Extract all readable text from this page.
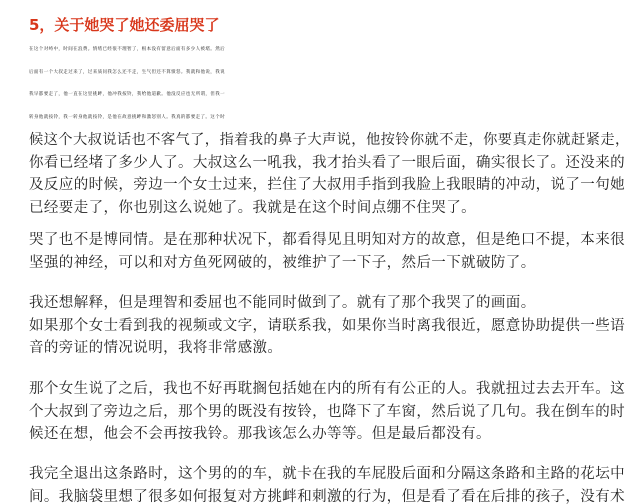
5，关于她哭了她还委屈哭了
在这个对峙中，时间在浪费。情绪已经很不理智了，根本没有留意后面有多少人被堵。然后
后面有一个大叔走过来了，过来质问我怎么还不走，生气但还不算愤怒。我就和他说，我说
我早都要走了，他一直在这里挑衅，他冲我按铃，我给他道歉。他没反应也无所谓，但我一
转身他就按铃，我一转身他就按铃，是他在故意挑衅和激怒别人。我真的都要走了。这个时
候这个大叔说话也不客气了，指着我的鼻子大声说，他按铃你就不走，你要真走你就赶紧走，
你看已经堵了多少人了。大叔这么一吼我，我才抬头看了一眼后面，确实很长了。还没来的
及反应的时候，旁边一个女士过来，拦住了大叔用手指到我脸上我眼睛的冲动，说了一句她
已经要走了，你也别这么说她了。我就是在这个时间点绷不住哭了。
哭了也不是博同情。是在那种状况下，都看得见且明知对方的故意，但是绝口不提，本来很
坚强的神经，可以和对方鱼死网破的，被维护了一下子，然后一下就破防了。
我还想解释，但是理智和委屈也不能同时做到了。就有了那个我哭了的画面。
如果那个女士看到我的视频或文字，请联系我，如果你当时离我很近，愿意协助提供一些语
音的旁证的情况说明，我将非常感激。
那个女生说了之后，我也不好再耽搁包括她在内的所有有公正的人。我就扭过去去开车。这
个大叔到了旁边之后，那个男的既没有按铃，也降下了车窗，然后说了几句。我在倒车的时
候还在想，他会不会再按我铃。那我该怎么办等等。但是最后都没有。
我完全退出这条路时，这个男的的车，就卡在我的车屁股后面和分隔这条路和主路的花坛中
间。我脑袋里想了很多如何报复对方挑衅和刺激的行为，但是看了看在后排的孩子，没有术
